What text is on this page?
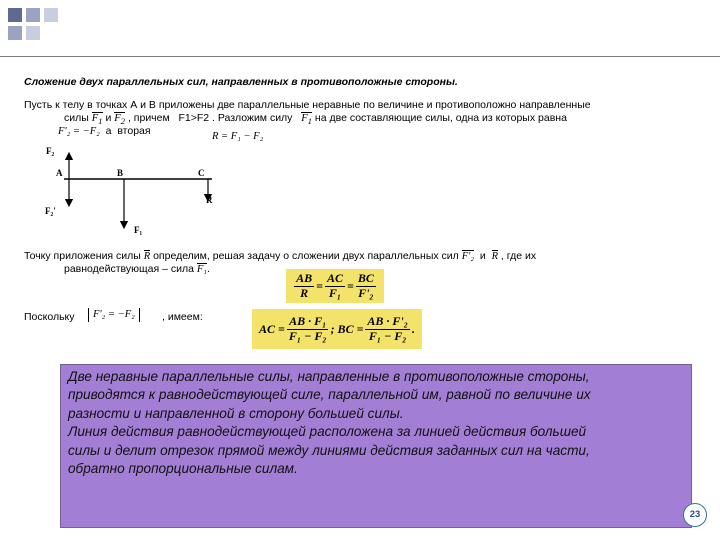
Сложение двух параллельных сил, направленных в противоположные стороны.
Пусть к телу в точках А и В приложены две параллельные неравные по величине и противоположно направленные
силы $F_1$ и $F_2$ , причем F1>F2 . Разложим силу $F_1$ на две составляющие силы, одна из которых равна
F'₂ = −F₂ а вторая	R = F₁ − F₂
F₂
A	B	C
R
F₂'
F₁
Точку приложения силы R определим, решая задачу о сложении двух параллельных сил F'₂ и R , где их
равнодействующая – сила F₁.
$\frac{AB}{R} = \frac{AC}{\text{F₁}} = \frac{BC}{\text{F'₂}}$
Поскольку	F'₂ = −F₂	, имеем:
AC = $\frac{\text{AB · F₁}}{\text{F₁ − F₂}}$ ; BC = $\frac{\text{AB · F'₂}}{\text{F₁ − F₂}}$ .
Две неравные параллельные силы, направленные в противоположные стороны,
приводятся к равнодействующей силе, параллельной им, равной по величине их
разности и направленной в сторону большей силы.
Линия действия равнодействующей расположена за линией действия большей
силы и делит отрезок прямой между линиями действия заданных сил на части,
обратно пропорциональные силам.
23
